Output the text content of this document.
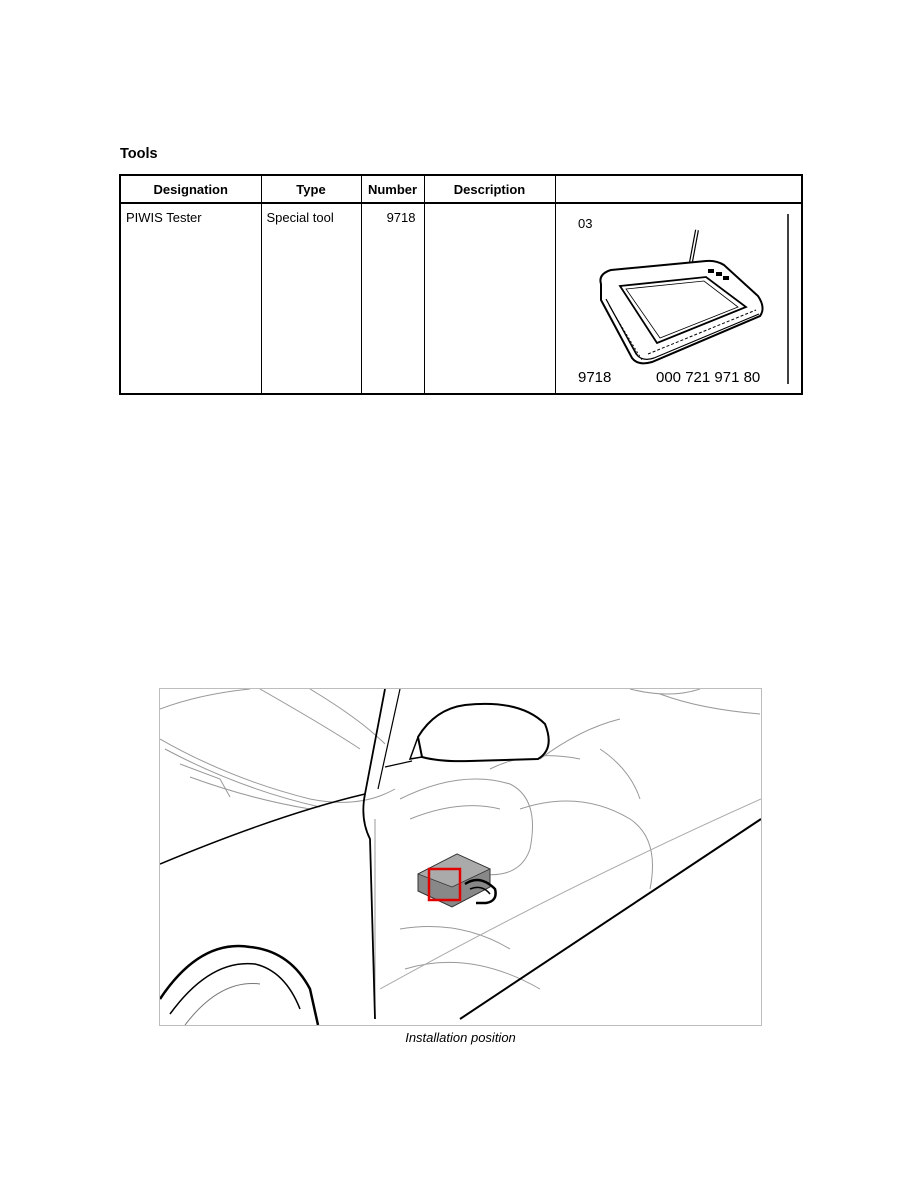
Tools
Designation	Type	Number	Description	
PIWIS Tester	Special tool	9718		03
9718 000 721 971 80
Installation position
